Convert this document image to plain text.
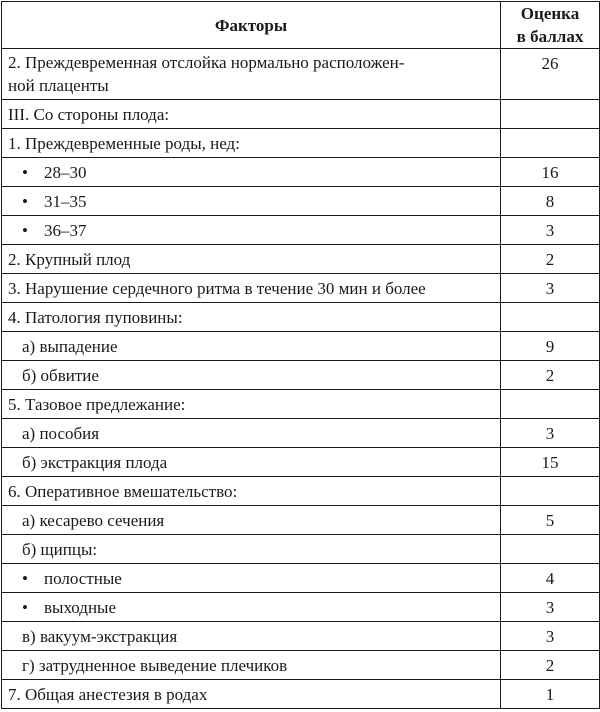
Факторы	Оценка
в баллах

2. Преждевременная отслойка нормально расположен-
ной плаценты	26
III. Со стороны плода:	
1. Преждевременные роды, нед:	
• 28–30	16
• 31–35	8
• 36–37	3
2. Крупный плод	2
3. Нарушение сердечного ритма в течение 30 мин и более	3
4. Патология пуповины:	
а) выпадение	9
б) обвитие	2
5. Тазовое предлежание:	
а) пособия	3
б) экстракция плода	15
6. Оперативное вмешательство:	
а) кесарево сечения	5
б) щипцы:	
• полостные	4
• выходные	3
в) вакуум-экстракция	3
г) затрудненное выведение плечиков	2
7. Общая анестезия в родах	1
